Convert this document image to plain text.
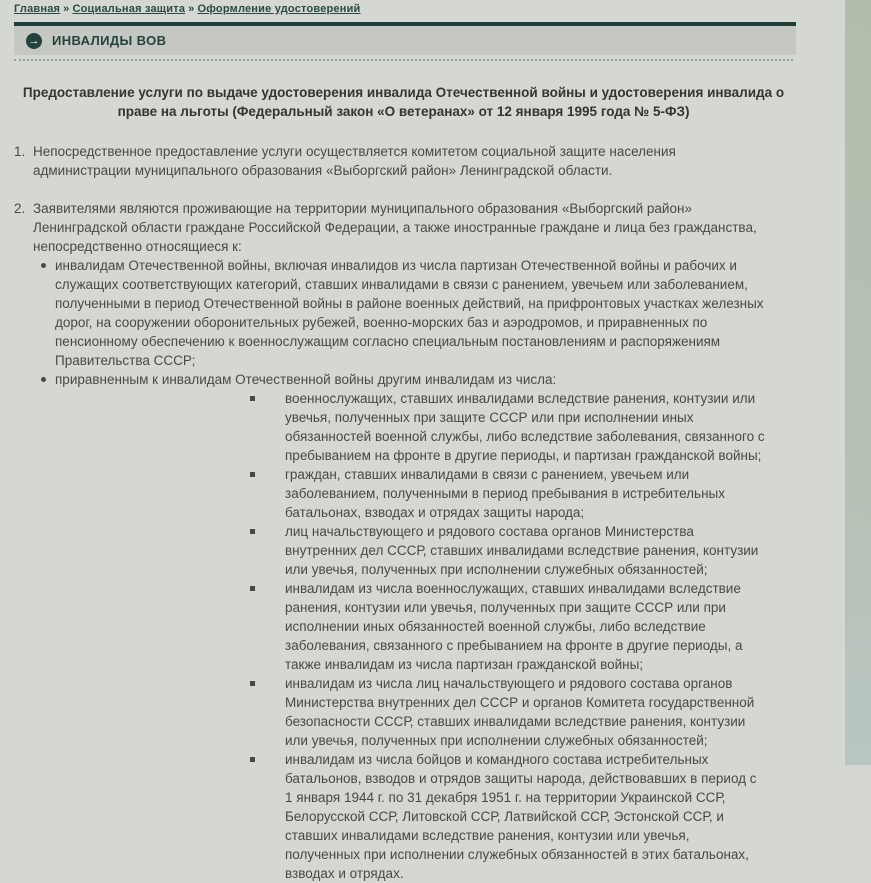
Главная » Социальная защита » Оформление удостоверений
→ ИНВАЛИДЫ ВОВ
Предоставление услуги по выдаче удостоверения инвалида Отечественной войны и удостоверения инвалида о праве на льготы (Федеральный закон «О ветеранах» от 12 января 1995 года № 5-ФЗ)
1. Непосредственное предоставление услуги осуществляется комитетом социальной защите населения администрации муниципального образования «Выборгский район» Ленинградской области.
2. Заявителями являются проживающие на территории муниципального образования «Выборгский район» Ленинградской области граждане Российской Федерации, а также иностранные граждане и лица без гражданства, непосредственно относящиеся к:
инвалидам Отечественной войны, включая инвалидов из числа партизан Отечественной войны и рабочих и служащих соответствующих категорий, ставших инвалидами в связи с ранением, увечьем или заболеванием, полученными в период Отечественной войны в районе военных действий, на прифронтовых участках железных дорог, на сооружении оборонительных рубежей, военно-морских баз и аэродромов, и приравненных по пенсионному обеспечению к военнослужащим согласно специальным постановлениям и распоряжениям Правительства СССР;
приравненным к инвалидам Отечественной войны другим инвалидам из числа:
военнослужащих, ставших инвалидами вследствие ранения, контузии или увечья, полученных при защите СССР или при исполнении иных обязанностей военной службы, либо вследствие заболевания, связанного с пребыванием на фронте в другие периоды, и партизан гражданской войны;
граждан, ставших инвалидами в связи с ранением, увечьем или заболеванием, полученными в период пребывания в истребительных батальонах, взводах и отрядах защиты народа;
лиц начальствующего и рядового состава органов Министерства внутренних дел СССР, ставших инвалидами вследствие ранения, контузии или увечья, полученных при исполнении служебных обязанностей;
инвалидам из числа военнослужащих, ставших инвалидами вследствие ранения, контузии или увечья, полученных при защите СССР или при исполнении иных обязанностей военной службы, либо вследствие заболевания, связанного с пребыванием на фронте в другие периоды, а также инвалидам из числа партизан гражданской войны;
инвалидам из числа лиц начальствующего и рядового состава органов Министерства внутренних дел СССР и органов Комитета государственной безопасности СССР, ставших инвалидами вследствие ранения, контузии или увечья, полученных при исполнении служебных обязанностей;
инвалидам из числа бойцов и командного состава истребительных батальонов, взводов и отрядов защиты народа, действовавших в период с 1 января 1944 г. по 31 декабря 1951 г. на территории Украинской ССР, Белорусской ССР, Литовской ССР, Латвийской ССР, Эстонской ССР, и ставших инвалидами вследствие ранения, контузии или увечья, полученных при исполнении служебных обязанностей в этих батальонах, взводах и отрядах.
